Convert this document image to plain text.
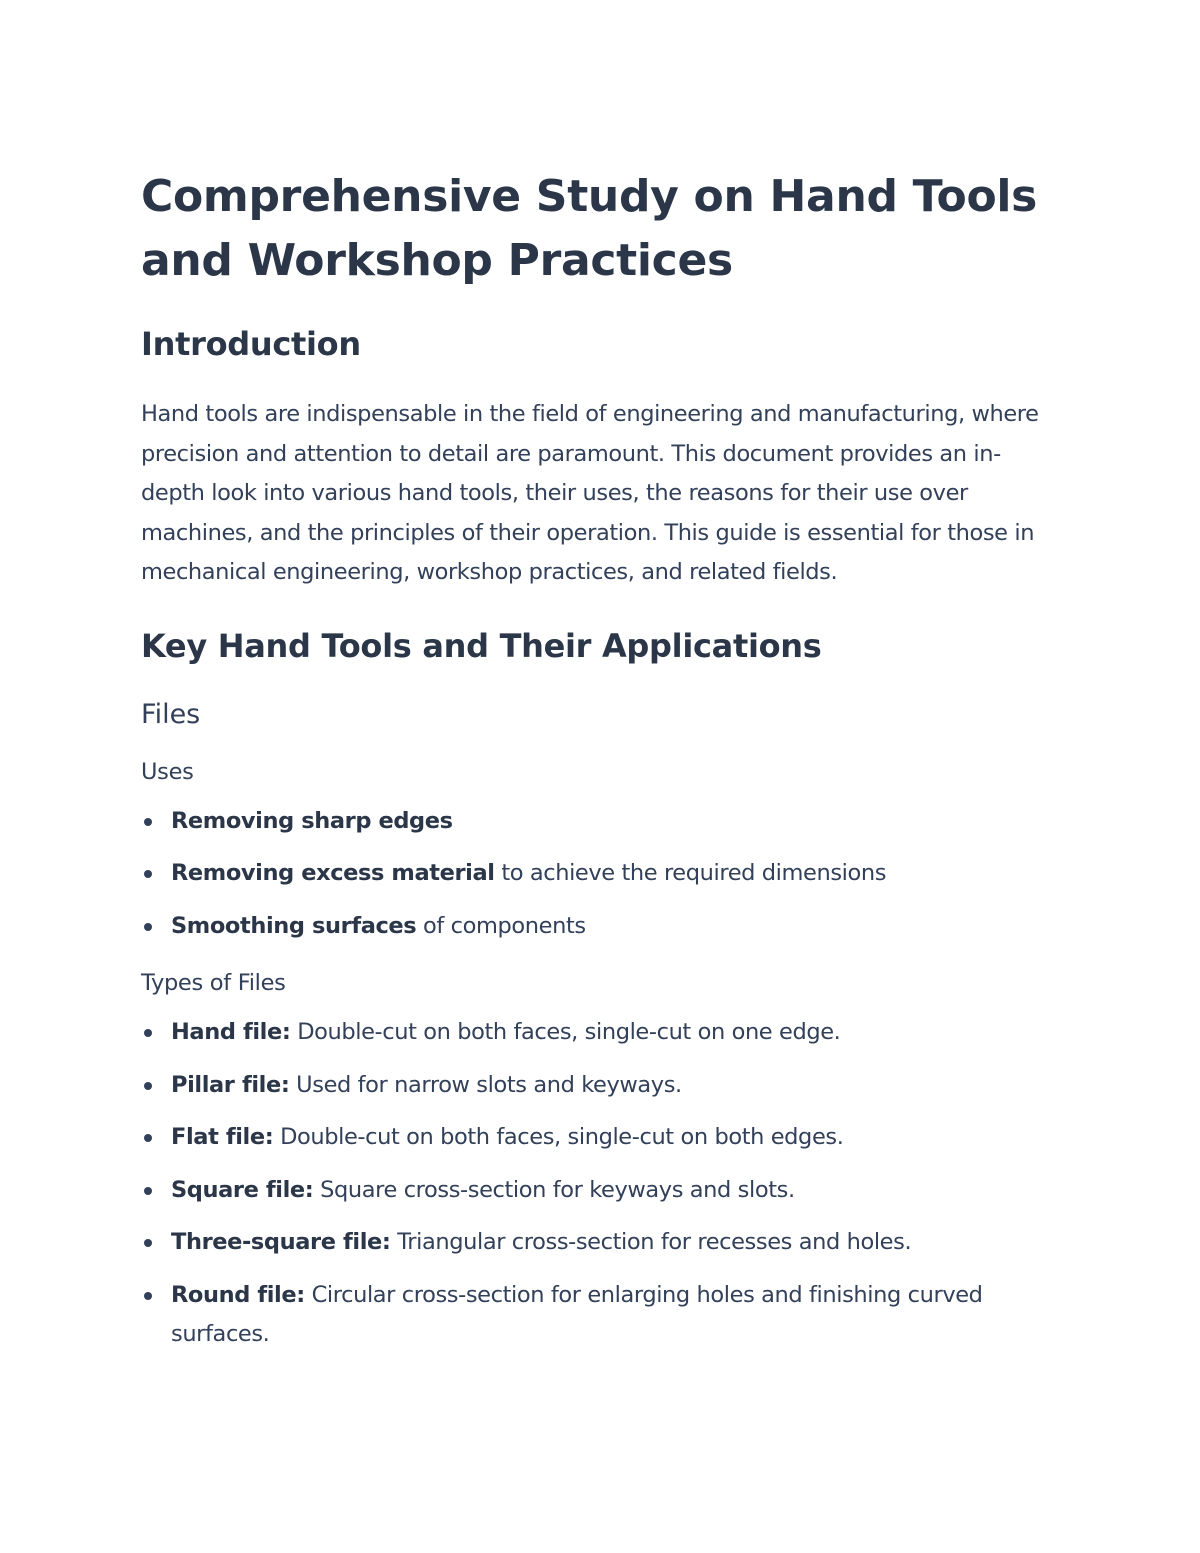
Comprehensive Study on Hand Tools and Workshop Practices
Introduction

Hand tools are indispensable in the field of engineering and manufacturing, where precision and attention to detail are paramount. This document provides an in-depth look into various hand tools, their uses, the reasons for their use over machines, and the principles of their operation. This guide is essential for those in mechanical engineering, workshop practices, and related fields.

Key Hand Tools and Their Applications
Files
Uses
Removing sharp edges
Removing excess material to achieve the required dimensions
Smoothing surfaces of components
Types of Files
Hand file: Double-cut on both faces, single-cut on one edge.
Pillar file: Used for narrow slots and keyways.
Flat file: Double-cut on both faces, single-cut on both edges.
Square file: Square cross-section for keyways and slots.
Three-square file: Triangular cross-section for recesses and holes.
Round file: Circular cross-section for enlarging holes and finishing curved surfaces.
